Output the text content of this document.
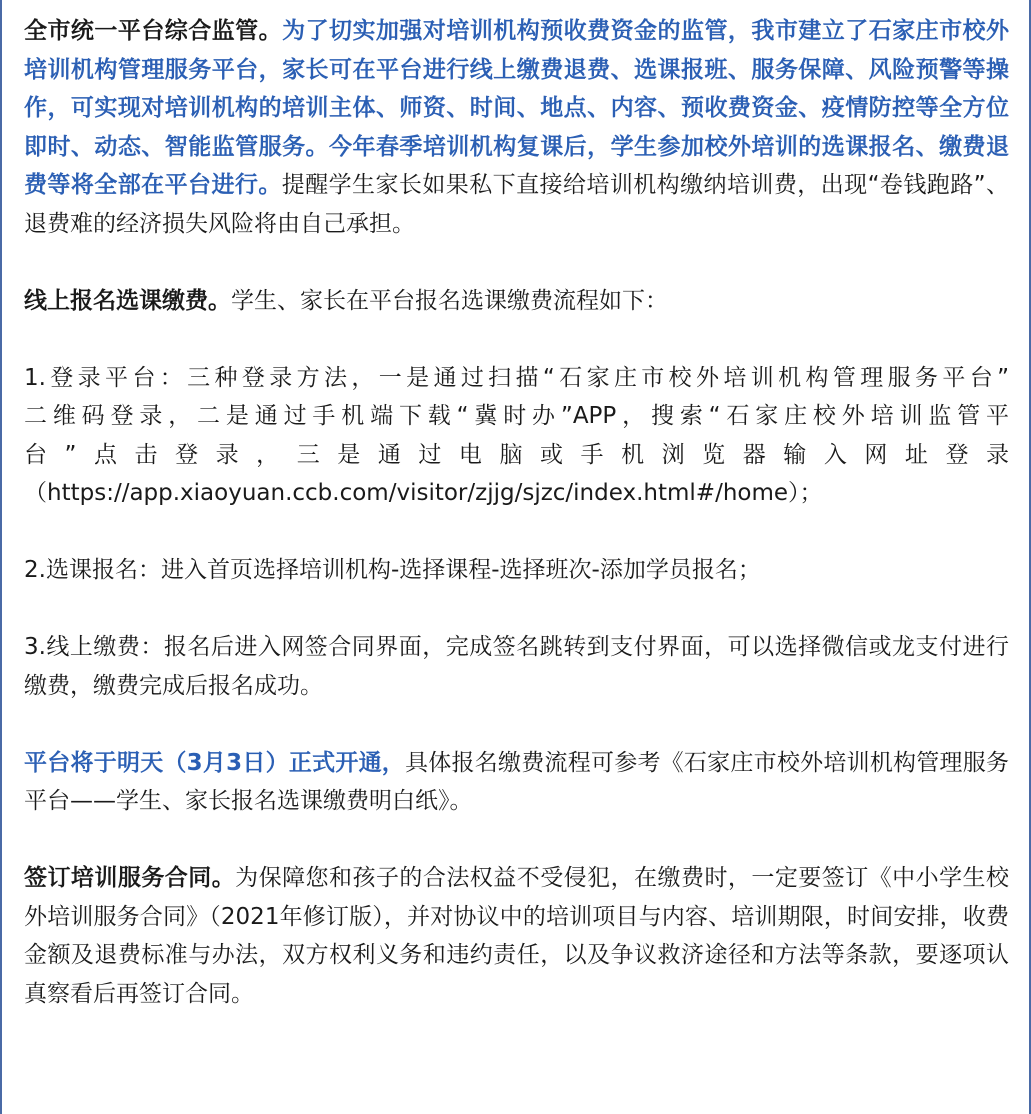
全市统一平台综合监管。为了切实加强对培训机构预收费资金的监管，我市建立了石家庄市校外培训机构管理服务平台，家长可在平台进行线上缴费退费、选课报班、服务保障、风险预警等操作，可实现对培训机构的培训主体、师资、时间、地点、内容、预收费资金、疫情防控等全方位即时、动态、智能监管服务。今年春季培训机构复课后，学生参加校外培训的选课报名、缴费退费等将全部在平台进行。提醒学生家长如果私下直接给培训机构缴纳培训费，出现“卷钱跑路”、退费难的经济损失风险将由自己承担。

线上报名选课缴费。学生、家长在平台报名选课缴费流程如下：

1.登录平台：三种登录方法，一是通过扫描“石家庄市校外培训机构管理服务平台”
二维码登录，二是通过手机端下载“冀时办”APP，搜索“石家庄校外培训监管平
台”点击登录，三是通过电脑或手机浏览器输入网址登录
（https://app.xiaoyuan.ccb.com/visitor/zjjg/sjzc/index.html#/home）；

2.选课报名：进入首页选择培训机构-选择课程-选择班次-添加学员报名；

3.线上缴费：报名后进入网签合同界面，完成签名跳转到支付界面，可以选择微信或龙支付进行缴费，缴费完成后报名成功。

平台将于明天（3月3日）正式开通，具体报名缴费流程可参考《石家庄市校外培训机构管理服务平台——学生、家长报名选课缴费明白纸》。

签订培训服务合同。为保障您和孩子的合法权益不受侵犯，在缴费时，一定要签订《中小学生校外培训服务合同》（2021年修订版），并对协议中的培训项目与内容、培训期限，时间安排，收费金额及退费标准与办法，双方权利义务和违约责任，以及争议救济途径和方法等条款，要逐项认真察看后再签订合同。
